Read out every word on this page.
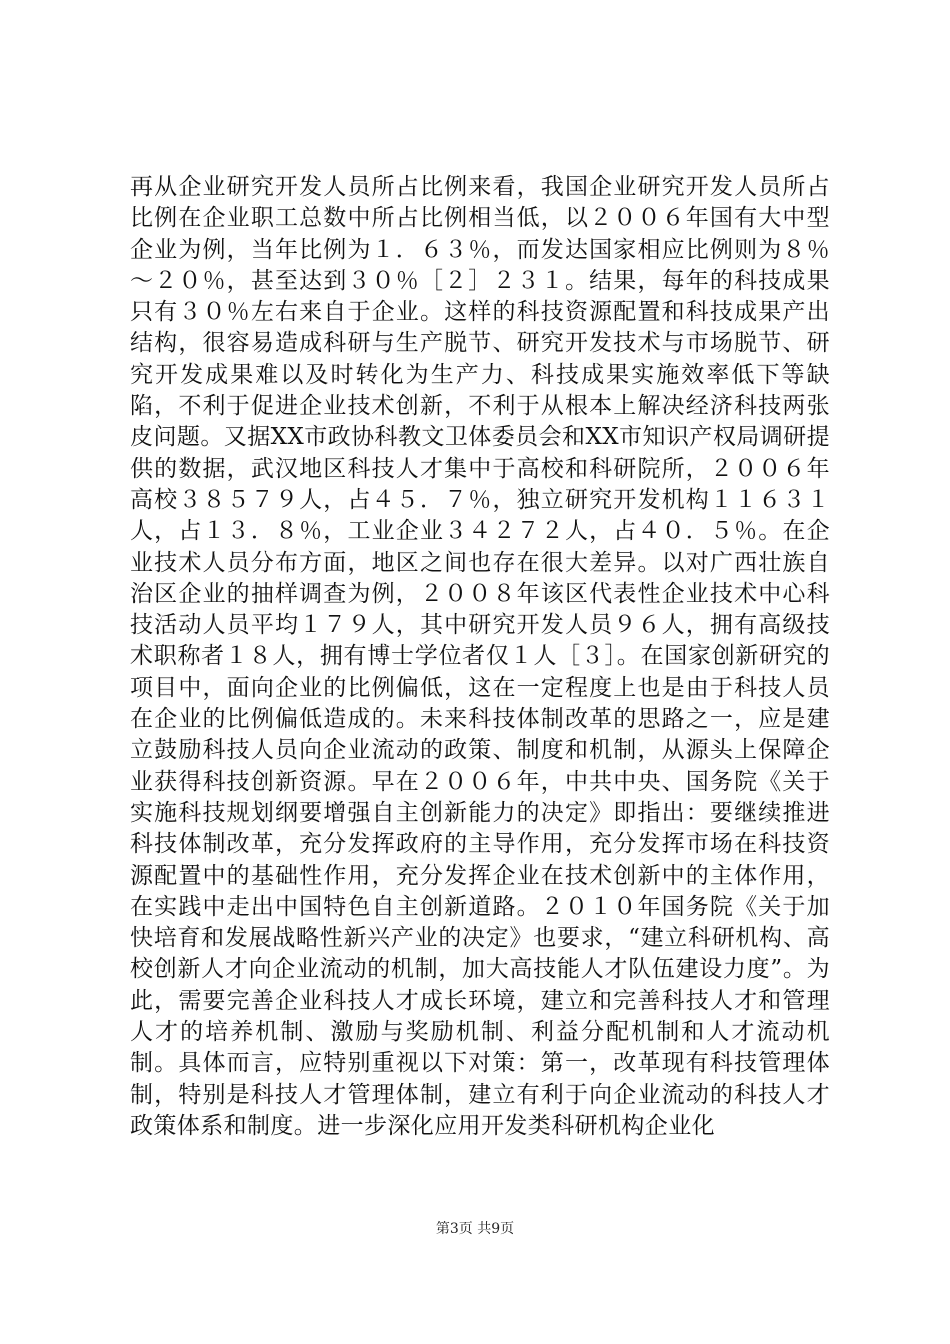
再从企业研究开发人员所占比例来看，我国企业研究开发人员所占比例在企业职工总数中所占比例相当低，以２００６年国有大中型企业为例，当年比例为１．６３％，而发达国家相应比例则为８％～２０％，甚至达到３０％［２］２３１。结果，每年的科技成果只有３０％左右来自于企业。这样的科技资源配置和科技成果产出结构，很容易造成科研与生产脱节、研究开发技术与市场脱节、研究开发成果难以及时转化为生产力、科技成果实施效率低下等缺陷，不利于促进企业技术创新，不利于从根本上解决经济科技两张皮问题。又据XX市政协科教文卫体委员会和XX市知识产权局调研提供的数据，武汉地区科技人才集中于高校和科研院所，２００６年高校３８５７９人，占４５．７％，独立研究开发机构１１６３１人，占１３．８％，工业企业３４２７２人，占４０．５％。在企业技术人员分布方面，地区之间也存在很大差异。以对广西壮族自治区企业的抽样调查为例，２００８年该区代表性企业技术中心科技活动人员平均１７９人，其中研究开发人员９６人，拥有高级技术职称者１８人，拥有博士学位者仅１人［３］。在国家创新研究的项目中，面向企业的比例偏低，这在一定程度上也是由于科技人员在企业的比例偏低造成的。未来科技体制改革的思路之一，应是建立鼓励科技人员向企业流动的政策、制度和机制，从源头上保障企业获得科技创新资源。早在２００６年，中共中央、国务院《关于实施科技规划纲要增强自主创新能力的决定》即指出：要继续推进科技体制改革，充分发挥政府的主导作用，充分发挥市场在科技资源配置中的基础性作用，充分发挥企业在技术创新中的主体作用，在实践中走出中国特色自主创新道路。２０１０年国务院《关于加快培育和发展战略性新兴产业的决定》也要求，“建立科研机构、高校创新人才向企业流动的机制，加大高技能人才队伍建设力度”。为此，需要完善企业科技人才成长环境，建立和完善科技人才和管理人才的培养机制、激励与奖励机制、利益分配机制和人才流动机制。具体而言，应特别重视以下对策：第一，改革现有科技管理体制，特别是科技人才管理体制，建立有利于向企业流动的科技人才政策体系和制度。进一步深化应用开发类科研机构企业化

第3页 共9页
